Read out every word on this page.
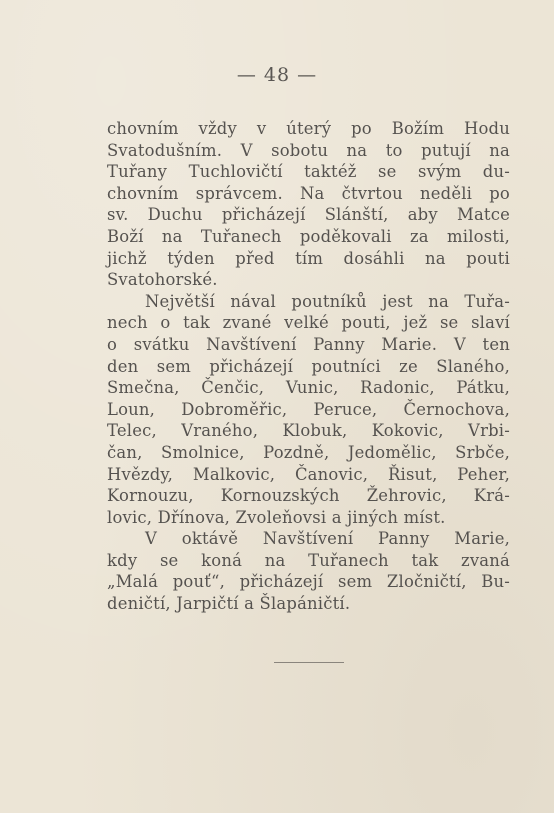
— 48 —
chovním vždy v úterý po Božím Hodu
Svatodušním. V sobotu na to putují na
Tuřany Tuchlovičtí taktéž se svým du-
chovním správcem. Na čtvrtou neděli po
sv. Duchu přicházejí Slánští, aby Matce
Boží na Tuřanech poděkovali za milosti,
jichž týden před tím dosáhli na pouti
Svatohorské.
Největší nával poutníků jest na Tuřa-
nech o tak zvané velké pouti, jež se slaví
o svátku Navštívení Panny Marie. V ten
den sem přicházejí poutníci ze Slaného,
Smečna, Čenčic, Vunic, Radonic, Pátku,
Loun, Dobroměřic, Peruce, Černochova,
Telec, Vraného, Klobuk, Kokovic, Vrbi-
čan, Smolnice, Pozdně, Jedomělic, Srbče,
Hvězdy, Malkovic, Čanovic, Řisut, Peher,
Kornouzu, Kornouzských Žehrovic, Krá-
lovic, Dřínova, Zvoleňovsi a jiných míst.
V oktávě Navštívení Panny Marie,
kdy se koná na Tuřanech tak zvaná
„Malá pouť“, přicházejí sem Zločničtí, Bu-
deničtí, Jarpičtí a Šlapáničtí.
